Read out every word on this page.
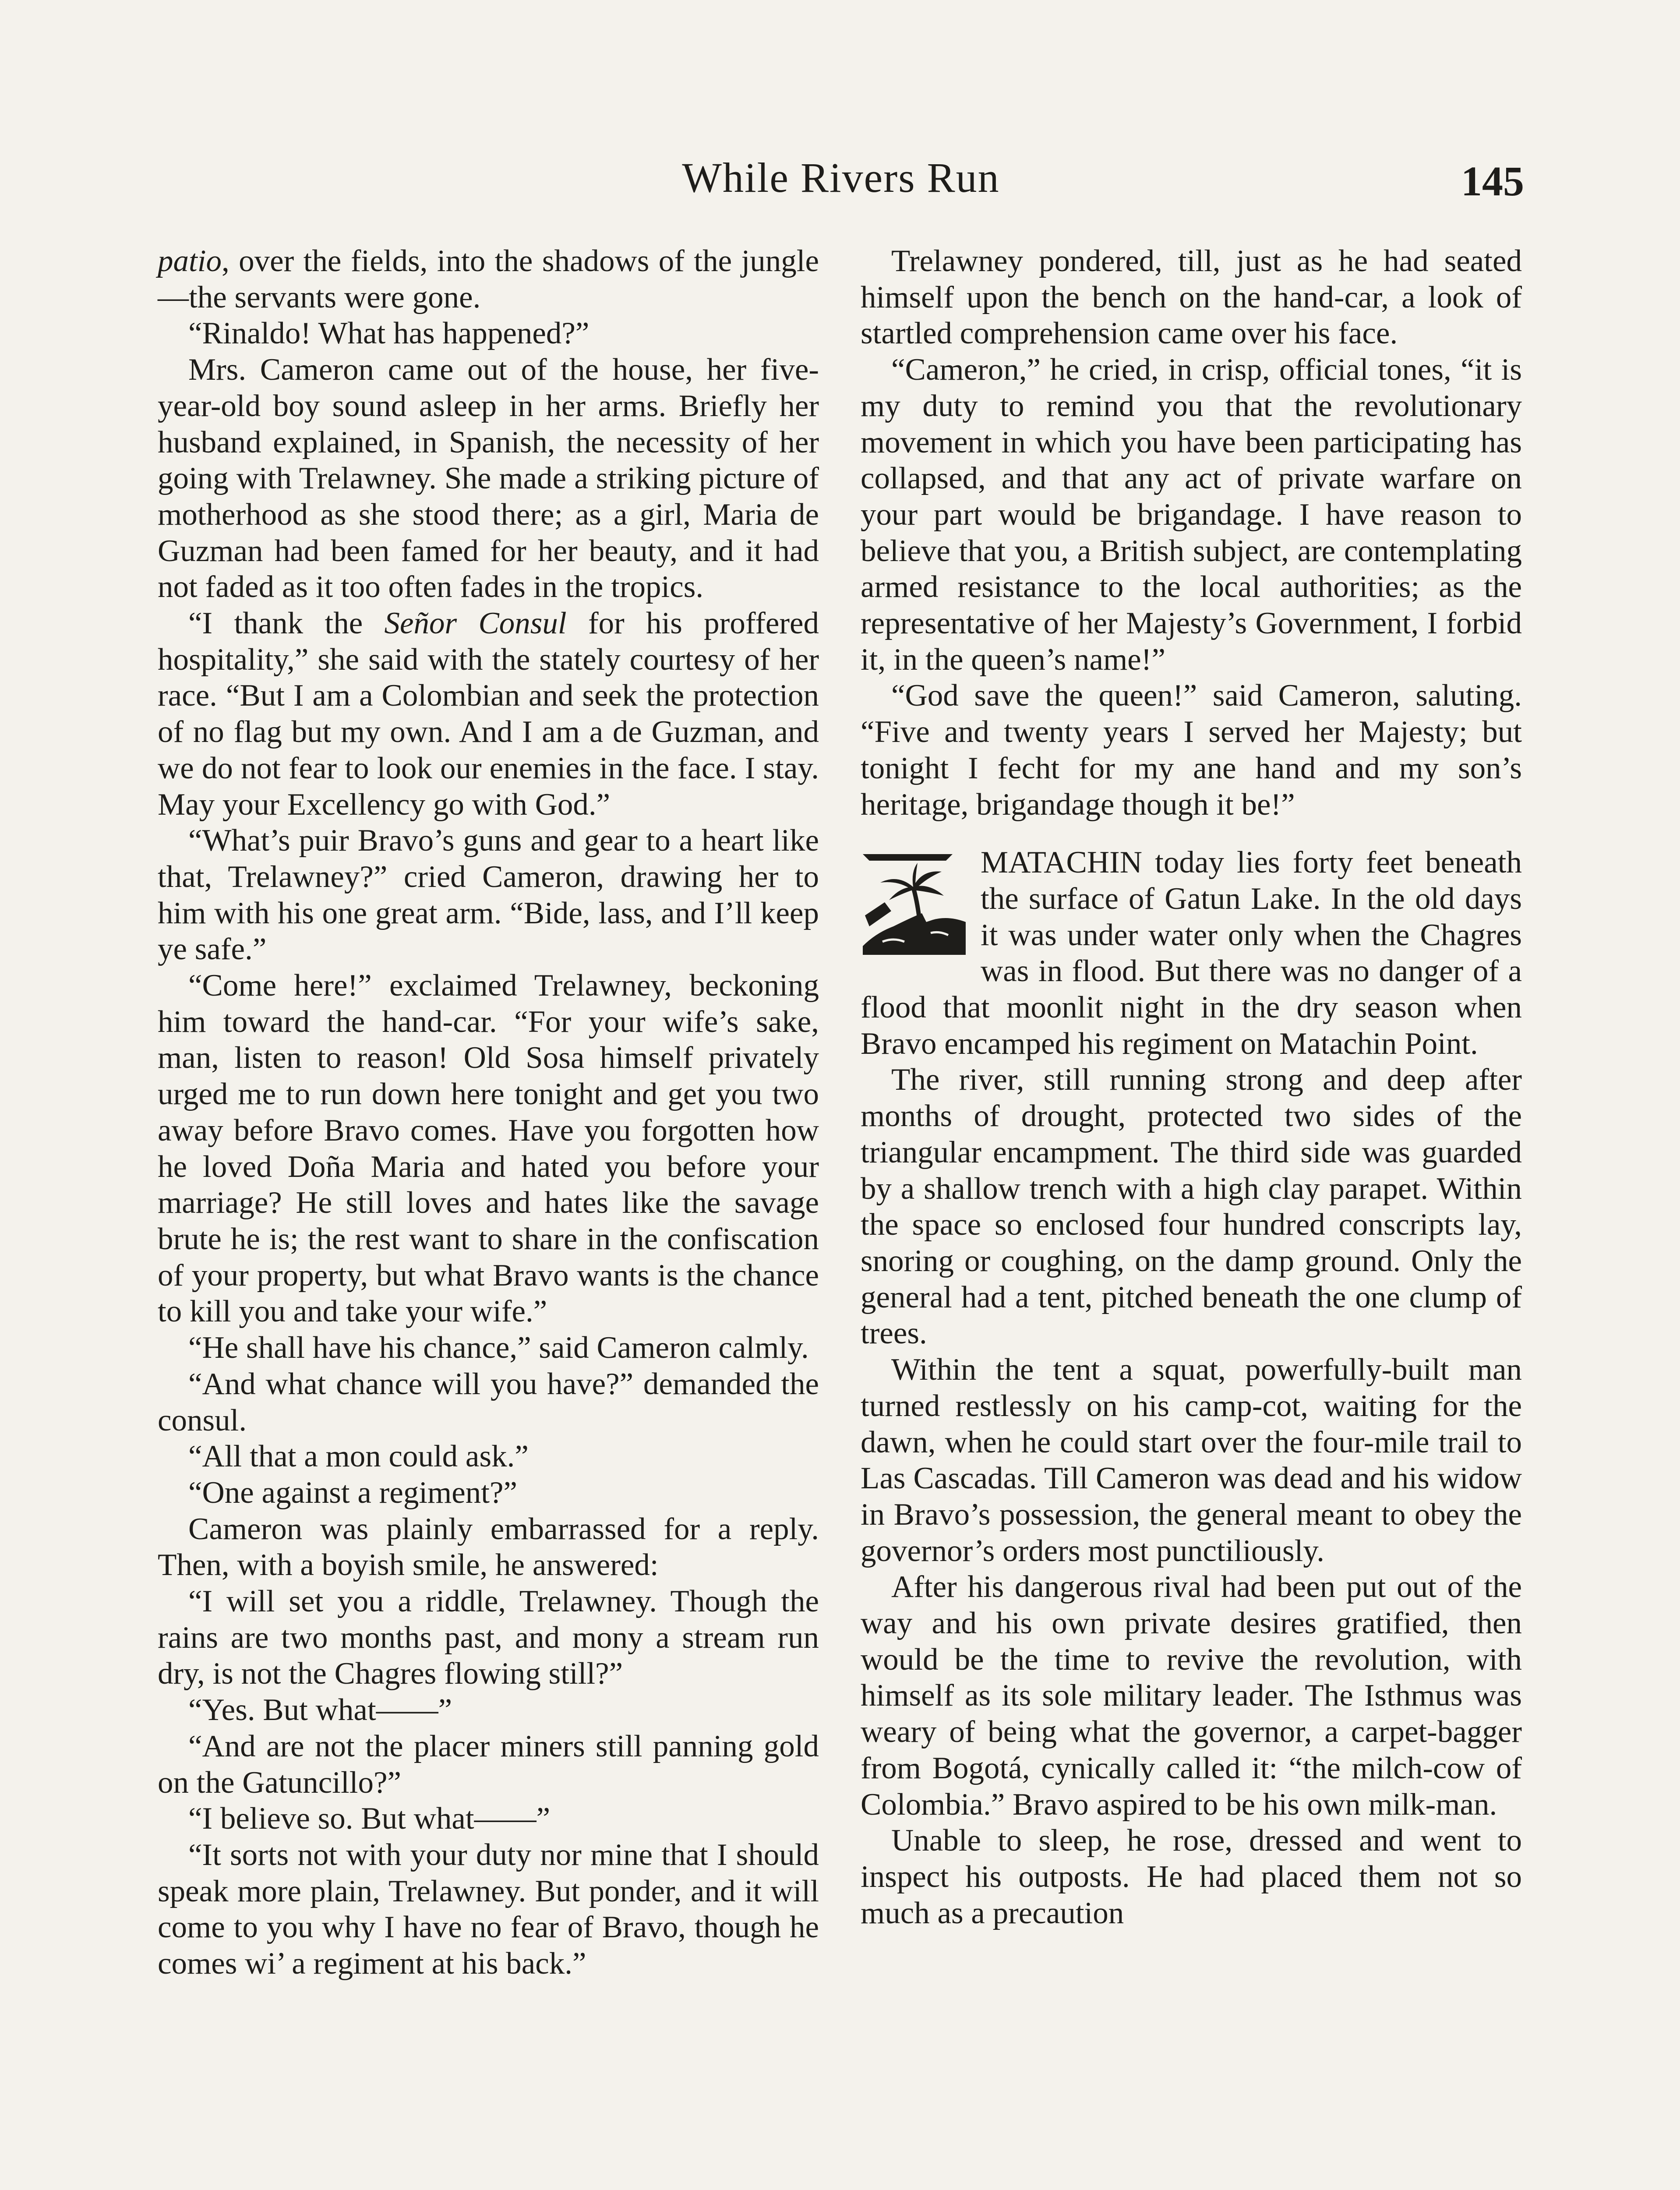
While Rivers Run	145

patio, over the fields, into the shadows of the jungle—the servants were gone.

“Rinaldo! What has happened?”

Mrs. Cameron came out of the house, her five-year-old boy sound asleep in her arms. Briefly her husband explained, in Spanish, the necessity of her going with Trelawney. She made a striking picture of motherhood as she stood there; as a girl, Maria de Guzman had been famed for her beauty, and it had not faded as it too often fades in the tropics.

“I thank the Señor Consul for his proffered hospitality,” she said with the stately courtesy of her race. “But I am a Colombian and seek the protection of no flag but my own. And I am a de Guzman, and we do not fear to look our enemies in the face. I stay. May your Excellency go with God.”

“What’s puir Bravo’s guns and gear to a heart like that, Trelawney?” cried Cameron, drawing her to him with his one great arm. “Bide, lass, and I’ll keep ye safe.”

“Come here!” exclaimed Trelawney, beckoning him toward the hand-car. “For your wife’s sake, man, listen to reason! Old Sosa himself privately urged me to run down here tonight and get you two away before Bravo comes. Have you forgotten how he loved Doña Maria and hated you before your marriage? He still loves and hates like the savage brute he is; the rest want to share in the confiscation of your property, but what Bravo wants is the chance to kill you and take your wife.”

“He shall have his chance,” said Cameron calmly.

“And what chance will you have?” demanded the consul.

“All that a mon could ask.”

“One against a regiment?”

Cameron was plainly embarrassed for a reply. Then, with a boyish smile, he answered:

“I will set you a riddle, Trelawney. Though the rains are two months past, and mony a stream run dry, is not the Chagres flowing still?”

“Yes. But what——”

“And are not the placer miners still panning gold on the Gatuncillo?”

“I believe so. But what——”

“It sorts not with your duty nor mine that I should speak more plain, Trelawney. But ponder, and it will come to you why I have no fear of Bravo, though he comes wi’ a regiment at his back.”

Trelawney pondered, till, just as he had seated himself upon the bench on the hand-car, a look of startled comprehension came over his face.

“Cameron,” he cried, in crisp, official tones, “it is my duty to remind you that the revolutionary movement in which you have been participating has collapsed, and that any act of private warfare on your part would be brigandage. I have reason to believe that you, a British subject, are contemplating armed resistance to the local authorities; as the representative of her Majesty’s Government, I forbid it, in the queen’s name!”

“God save the queen!” said Cameron, saluting. “Five and twenty years I served her Majesty; but tonight I fecht for my ane hand and my son’s heritage, brigandage though it be!”

MATACHIN today lies forty feet beneath the surface of Gatun Lake. In the old days it was under water only when the Chagres was in flood. But there was no danger of a flood that moonlit night in the dry season when Bravo encamped his regiment on Matachin Point.

The river, still running strong and deep after months of drought, protected two sides of the triangular encampment. The third side was guarded by a shallow trench with a high clay parapet. Within the space so enclosed four hundred conscripts lay, snoring or coughing, on the damp ground. Only the general had a tent, pitched beneath the one clump of trees.

Within the tent a squat, powerfully-built man turned restlessly on his camp-cot, waiting for the dawn, when he could start over the four-mile trail to Las Cascadas. Till Cameron was dead and his widow in Bravo’s possession, the general meant to obey the governor’s orders most punctiliously.

After his dangerous rival had been put out of the way and his own private desires gratified, then would be the time to revive the revolution, with himself as its sole military leader. The Isthmus was weary of being what the governor, a carpet-bagger from Bogotá, cynically called it: “the milch-cow of Colombia.” Bravo aspired to be his own milk-man.

Unable to sleep, he rose, dressed and went to inspect his outposts. He had placed them not so much as a precaution
